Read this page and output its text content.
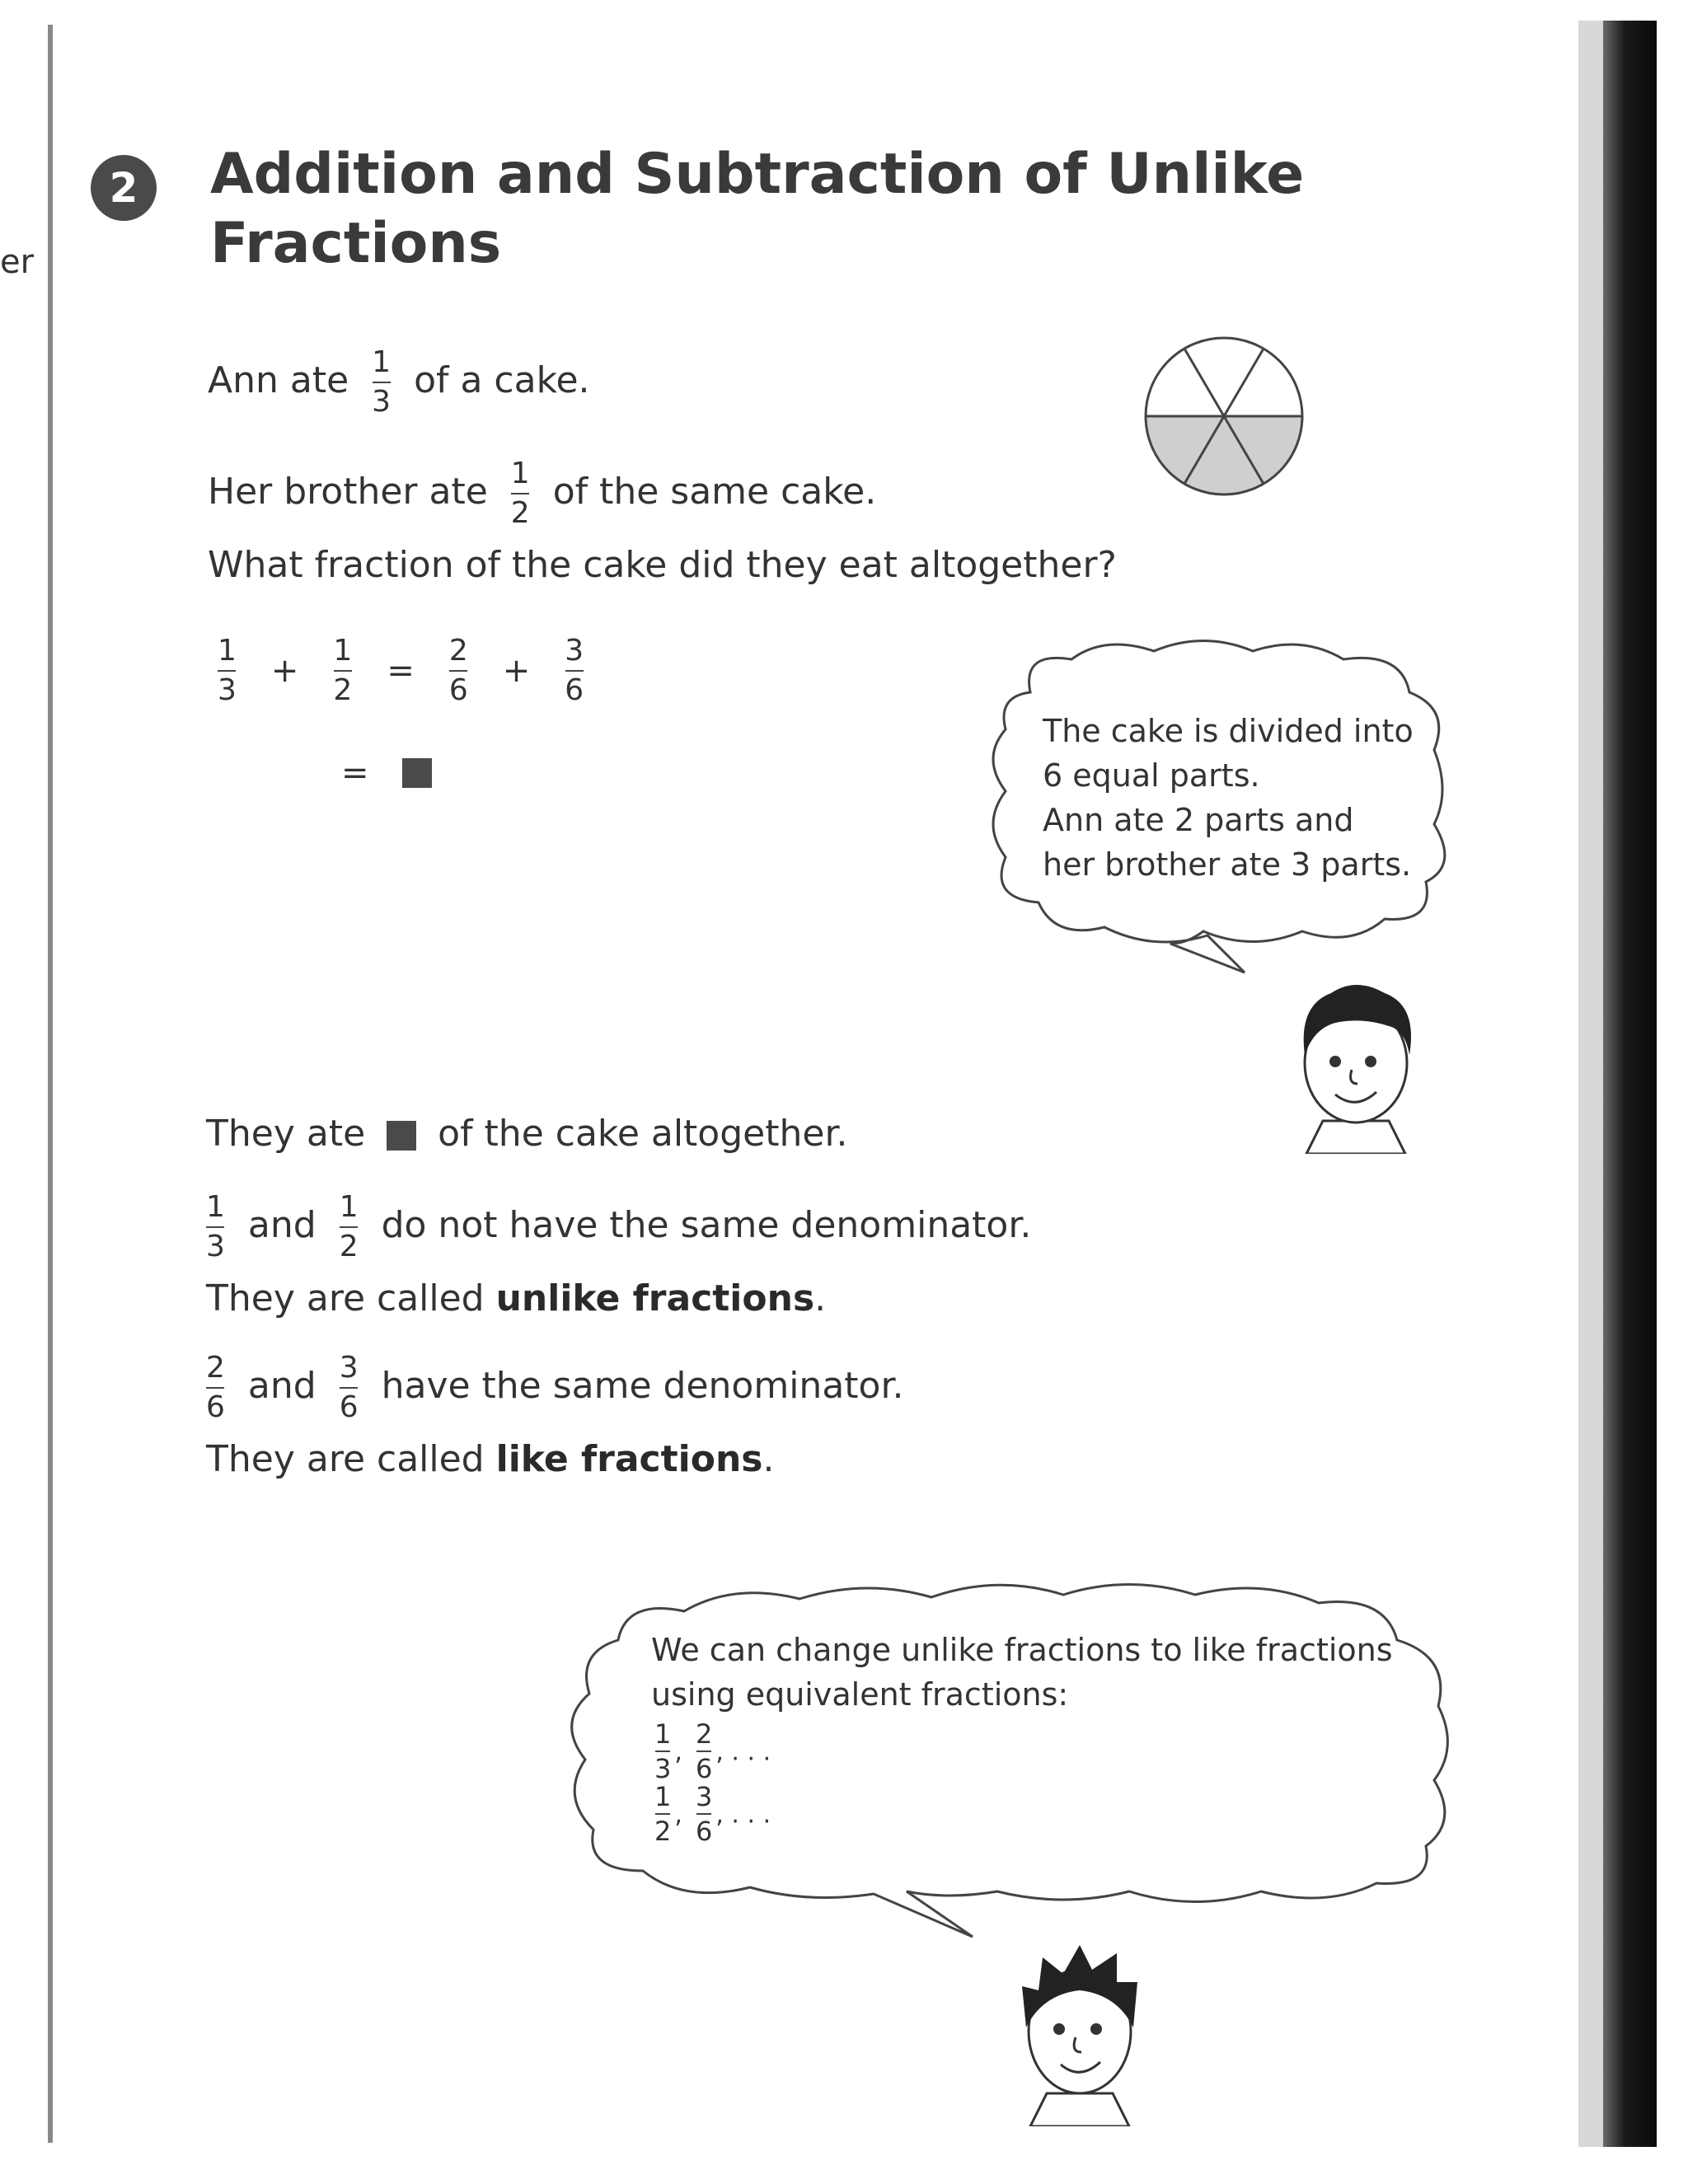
er
2	Addition and Subtraction of Unlike
Fractions
Ann ate $\frac{1}{3}$ of a cake.
Her brother ate $\frac{1}{2}$ of the same cake.
What fraction of the cake did they eat altogether?
$\frac{1}{3} + \frac{1}{2} = \frac{2}{6} + \frac{3}{6}$
=
The cake is divided into
6 equal parts.
Ann ate 2 parts and
her brother ate 3 parts.
They ate of the cake altogether.
$\frac{1}{3}$ and $\frac{1}{2}$ do not have the same denominator.
They are called unlike fractions.
$\frac{2}{6}$ and $\frac{3}{6}$ have the same denominator.
They are called like fractions.
We can change unlike fractions to like fractions
using equivalent fractions:
$\frac{1}{3}$ , $\frac{2}{6}$ , . . .
$\frac{1}{2}$ , $\frac{3}{6}$ , . . .
